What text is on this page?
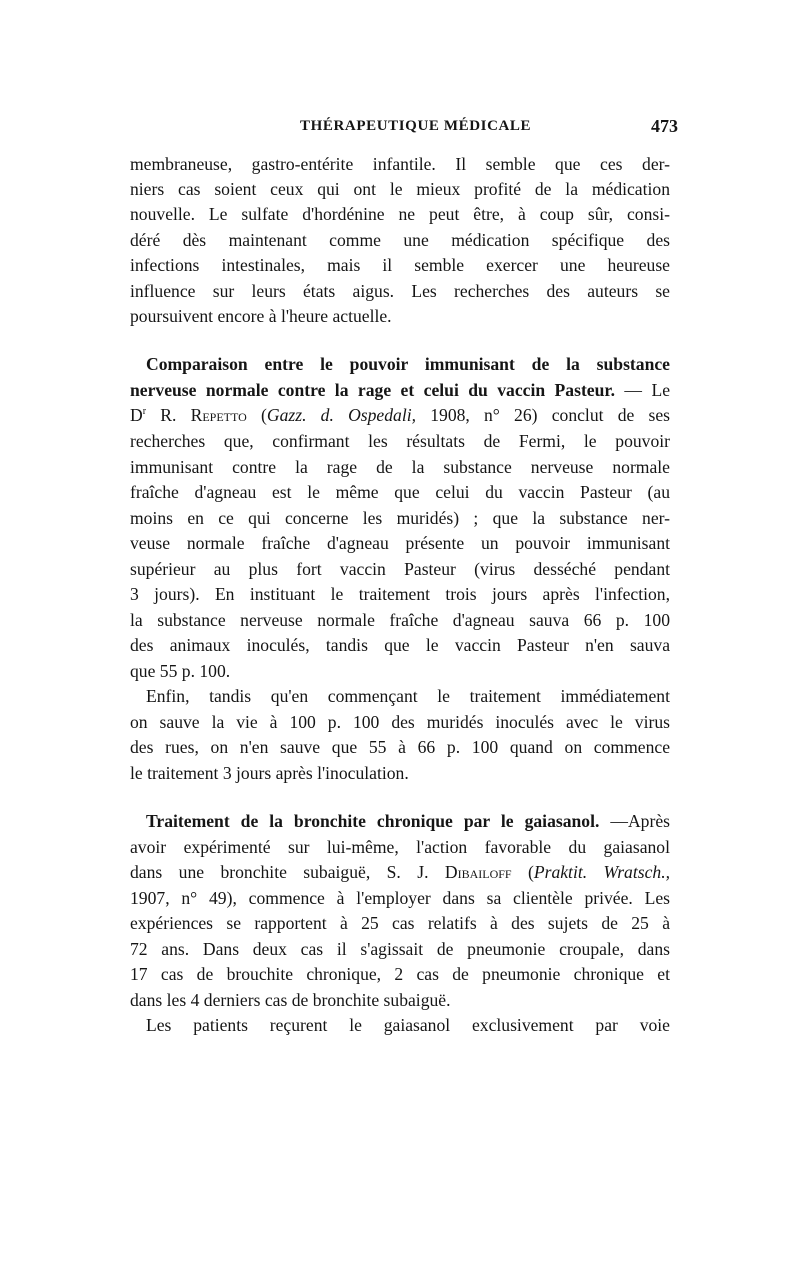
THÉRAPEUTIQUE MÉDICALE	473
membraneuse, gastro-entérite infantile. Il semble que ces der-
niers cas soient ceux qui ont le mieux profité de la médication
nouvelle. Le sulfate d'hordénine ne peut être, à coup sûr, consi-
déré dès maintenant comme une médication spécifique des
infections intestinales, mais il semble exercer une heureuse
influence sur leurs états aigus. Les recherches des auteurs se
poursuivent encore à l'heure actuelle.
Comparaison entre le pouvoir immunisant de la substance
nerveuse normale contre la rage et celui du vaccin Pasteur. — Le
$D^r$ R. Repetto (Gazz. d. Ospedali, 1908, n° 26) conclut de ses
recherches que, confirmant les résultats de Fermi, le pouvoir
immunisant contre la rage de la substance nerveuse normale
fraîche d'agneau est le même que celui du vaccin Pasteur (au
moins en ce qui concerne les muridés) ; que la substance ner-
veuse normale fraîche d'agneau présente un pouvoir immunisant
supérieur au plus fort vaccin Pasteur (virus desséché pendant
3 jours). En instituant le traitement trois jours après l'infection,
la substance nerveuse normale fraîche d'agneau sauva 66 p. 100
des animaux inoculés, tandis que le vaccin Pasteur n'en sauva
que 55 p. 100.
Enfin, tandis qu'en commençant le traitement immédiatement
on sauve la vie à 100 p. 100 des muridés inoculés avec le virus
des rues, on n'en sauve que 55 à 66 p. 100 quand on commence
le traitement 3 jours après l'inoculation.
Traitement de la bronchite chronique par le gaiasanol. —Après
avoir expérimenté sur lui-même, l'action favorable du gaiasanol
dans une bronchite subaiguë, S. J. Dibailoff (Praktit. Wratsch.,
1907, n° 49), commence à l'employer dans sa clientèle privée. Les
expériences se rapportent à 25 cas relatifs à des sujets de 25 à
72 ans. Dans deux cas il s'agissait de pneumonie croupale, dans
17 cas de brouchite chronique, 2 cas de pneumonie chronique et
dans les 4 derniers cas de bronchite subaiguë.
Les patients reçurent le gaiasanol exclusivement par voie
